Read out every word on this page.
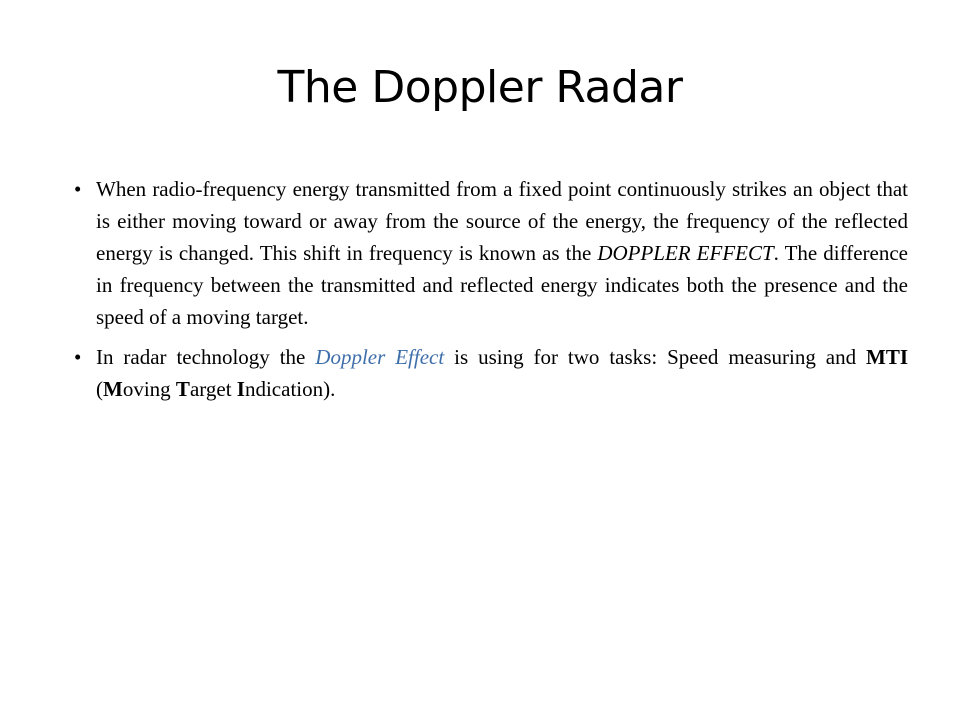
The Doppler Radar
• When radio-frequency energy transmitted from a fixed point continuously strikes an object that is either moving toward or away from the source of the energy, the frequency of the reflected energy is changed. This shift in frequency is known as the DOPPLER EFFECT. The difference in frequency between the transmitted and reflected energy indicates both the presence and the speed of a moving target.
• In radar technology the Doppler Effect is using for two tasks: Speed measuring and MTI (Moving Target Indication).
